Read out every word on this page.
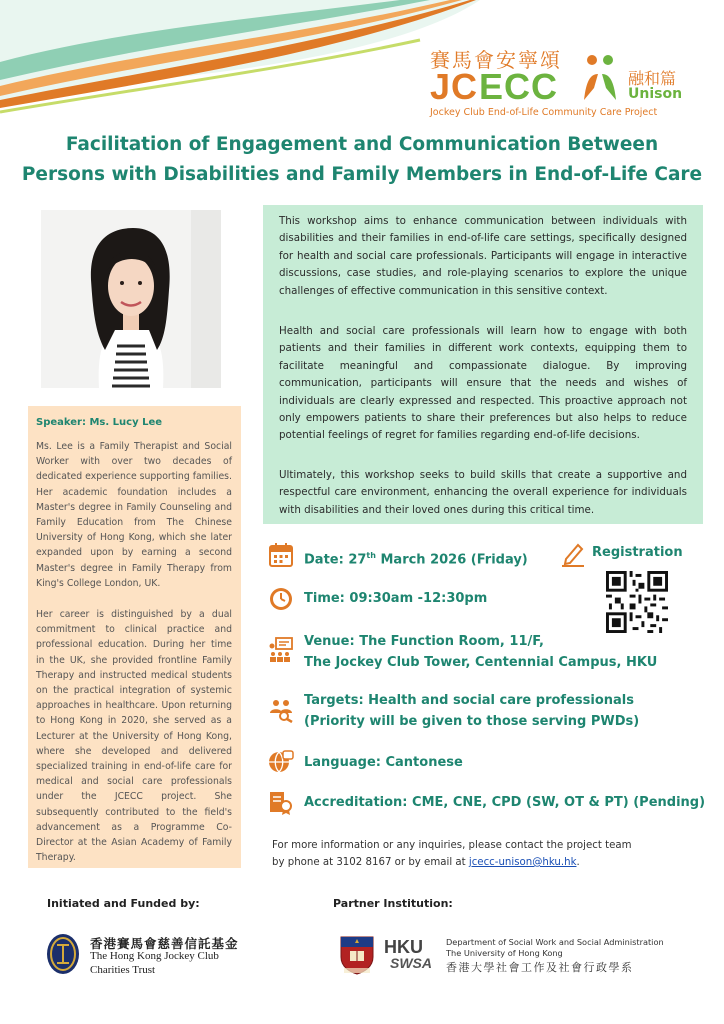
賽馬會安寧頌
JC ECC	融和篇
Unison
Jockey Club End-of-Life Community Care Project
Facilitation of Engagement and Communication Between
Persons with Disabilities and Family Members in End-of-Life Care
Speaker: Ms. Lucy Lee
Ms. Lee is a Family Therapist and Social Worker with over two decades of dedicated experience supporting families. Her academic foundation includes a Master's degree in Family Counseling and Family Education from The Chinese University of Hong Kong, which she later expanded upon by earning a second Master's degree in Family Therapy from King's College London, UK.
Her career is distinguished by a dual commitment to clinical practice and professional education. During her time in the UK, she provided frontline Family Therapy and instructed medical students on the practical integration of systemic approaches in healthcare. Upon returning to Hong Kong in 2020, she served as a Lecturer at the University of Hong Kong, where she developed and delivered specialized training in end-of-life care for medical and social care professionals under the JCECC project. She subsequently contributed to the field's advancement as a Programme Co-Director at the Asian Academy of Family Therapy.
This workshop aims to enhance communication between individuals with disabilities and their families in end-of-life care settings, specifically designed for health and social care professionals. Participants will engage in interactive discussions, case studies, and role-playing scenarios to explore the unique challenges of effective communication in this sensitive context.
Health and social care professionals will learn how to engage with both patients and their families in different work contexts, equipping them to facilitate meaningful and compassionate dialogue. By improving communication, participants will ensure that the needs and wishes of individuals are clearly expressed and respected. This proactive approach not only empowers patients to share their preferences but also helps to reduce potential feelings of regret for families regarding end-of-life decisions.
Ultimately, this workshop seeks to build skills that create a supportive and respectful care environment, enhancing the overall experience for individuals with disabilities and their loved ones during this critical time.
Date: 27th March 2026 (Friday)	Registration
Time: 09:30am -12:30pm
Venue: The Function Room, 11/F,
The Jockey Club Tower, Centennial Campus, HKU
Targets: Health and social care professionals
(Priority will be given to those serving PWDs)
Language: Cantonese
Accreditation: CME, CNE, CPD (SW, OT & PT) (Pending)
For more information or any inquiries, please contact the project team
by phone at 3102 8167 or by email at jcecc-unison@hku.hk.
Initiated and Funded by:	Partner Institution:
香港賽馬會慈善信託基金
The Hong Kong Jockey Club
Charities Trust
HKU
SWSA
Department of Social Work and Social Administration
The University of Hong Kong
香港大學社會工作及社會行政學系
